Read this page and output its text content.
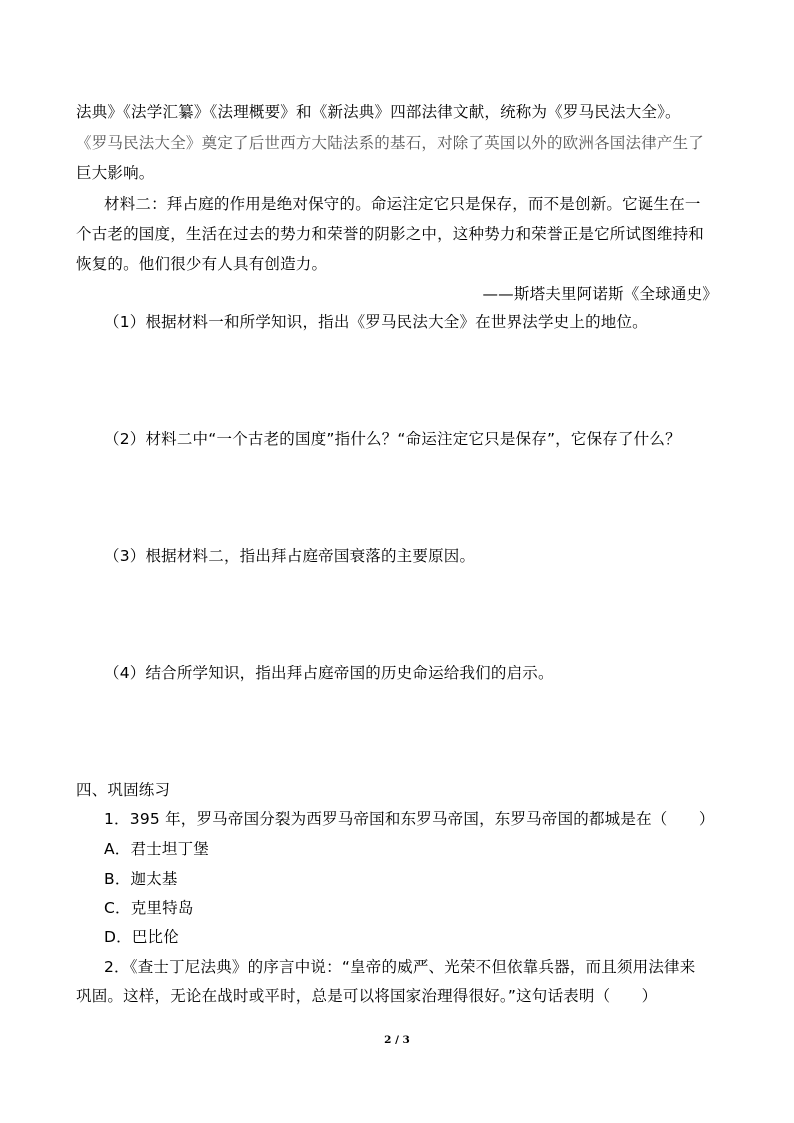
法典》《法学汇纂》《法理概要》和《新法典》四部法律文献，统称为《罗马民法大全》。
《罗马民法大全》奠定了后世西方大陆法系的基石，对除了英国以外的欧洲各国法律产生了
巨大影响。
材料二：拜占庭的作用是绝对保守的。命运注定它只是保存，而不是创新。它诞生在一
个古老的国度，生活在过去的势力和荣誉的阴影之中，这种势力和荣誉正是它所试图维持和
恢复的。他们很少有人具有创造力。
——斯塔夫里阿诺斯《全球通史》
（1）根据材料一和所学知识，指出《罗马民法大全》在世界法学史上的地位。
（2）材料二中“一个古老的国度”指什么？“命运注定它只是保存”，它保存了什么？
（3）根据材料二，指出拜占庭帝国衰落的主要原因。
（4）结合所学知识，指出拜占庭帝国的历史命运给我们的启示。
四、巩固练习
1．395 年，罗马帝国分裂为西罗马帝国和东罗马帝国，东罗马帝国的都城是在（　　）
A．君士坦丁堡
B．迦太基
C．克里特岛
D．巴比伦
2．《查士丁尼法典》的序言中说：“皇帝的威严、光荣不但依靠兵器，而且须用法律来
巩固。这样，无论在战时或平时，总是可以将国家治理得很好。”这句话表明（　　）
2 / 3
